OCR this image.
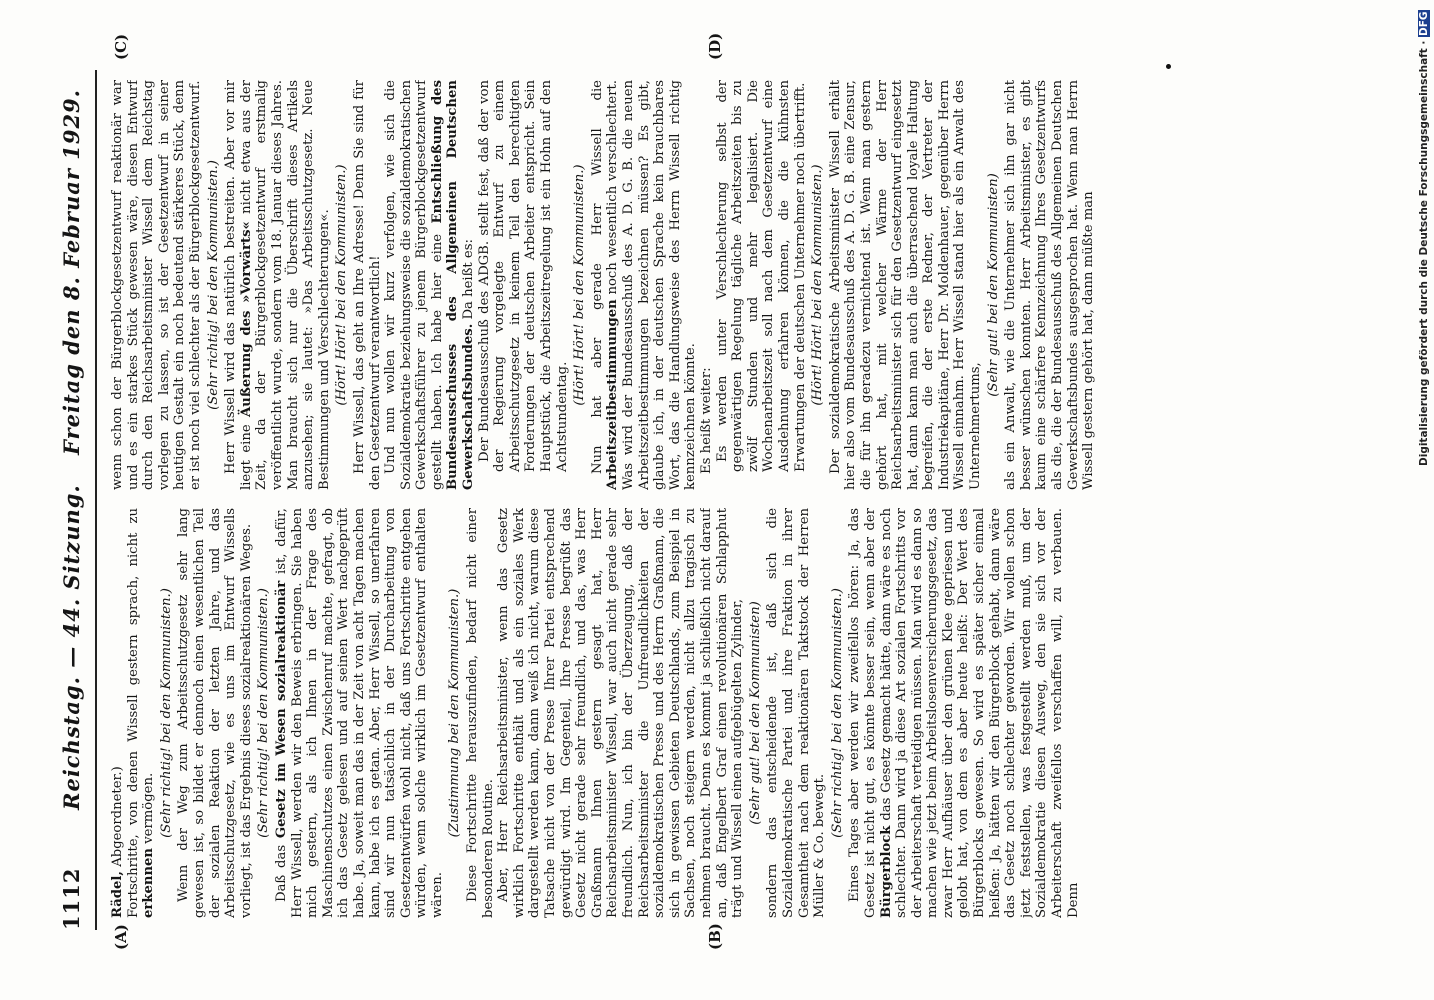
1112
Reichstag. — 44. Sitzung.
Freitag den 8. Februar 1929.
(A)	(B)
(C)	(D)

Rädel, Abgeordneter.) Fortschritte, von denen Wissell gestern sprach, nicht zu erkennen vermögen. (Sehr richtig! bei den Kommunisten.) Wenn der Weg zum Arbeitsschutzgesetz sehr lang gewesen ist, so bildet er dennoch einen wesentlichen Teil der sozialen Reaktion der letzten Jahre, und das Arbeitsschutzgesetz, wie es uns im Entwurf Wissells vorliegt, ist das Ergebnis dieses sozialreaktionären Weges. (Sehr richtig! bei den Kommunisten.)

Daß das Gesetz im Wesen sozialreaktionär ist, dafür, Herr Wissell, werden wir den Beweis erbringen. Sie haben mich gestern, als ich Ihnen in der Frage des Maschinenschutzes einen Zwischenruf machte, gefragt, ob ich das Gesetz gelesen und auf seinen Wert nachgeprüft habe. Ja, soweit man das in der Zeit von acht Tagen machen kann, habe ich es getan. Aber, Herr Wissell, so unerfahren sind wir nun tatsächlich in der Durcharbeitung von Gesetzentwürfen wohl nicht, daß uns Fortschritte entgehen würden, wenn solche wirklich im Gesetzentwurf enthalten wären.

(Zustimmung bei den Kommunisten.) Diese Fortschritte herauszufinden, bedarf nicht einer besonderen Routine. Aber, Herr Reichsarbeitsminister, wenn das Gesetz wirklich Fortschritte enthält und als ein soziales Werk dargestellt werden kann, dann weiß ich nicht, warum diese Tatsache nicht von der Presse Ihrer Partei entsprechend gewürdigt wird. Im Gegenteil, Ihre Presse begrüßt das Gesetz nicht gerade sehr freundlich, und das, was Herr Graßmann Ihnen gestern gesagt hat, Herr Reichsarbeitsminister Wissell, war auch nicht gerade sehr freundlich. Nun, ich bin der Überzeugung, daß der Reichsarbeitsminister die Unfreundlichkeiten der sozialdemokratischen Presse und des Herrn Graßmann, die sich in gewissen Gebieten Deutschlands, zum Beispiel in Sachsen, noch steigern werden, nicht allzu tragisch zu nehmen braucht. Denn es kommt ja schließlich nicht darauf an, daß Engelbert Graf einen revolutionären Schlapphut trägt und Wissell einen aufgebügelten Zylinder, (Sehr gut! bei den Kommunisten) sondern das entscheidende ist, daß sich die Sozialdemokratische Partei und ihre Fraktion in ihrer Gesamtheit nach dem reaktionären Taktstock der Herren Müller & Co. bewegt.

(Sehr richtig! bei den Kommunisten.) Eines Tages aber werden wir zweifellos hören: Ja, das Gesetz ist nicht gut, es könnte besser sein, wenn aber der Bürgerblock das Gesetz gemacht hätte, dann wäre es noch schlechter. Dann wird ja diese Art sozialen Fortschritts vor der Arbeiterschaft verteidigen müssen. Man wird es dann so machen wie jetzt beim Arbeitslosenversicherungsgesetz, das zwar Herr Aufhäuser über den grünen Klee gepriesen und gelobt hat, von dem es aber heute heißt: Der Wert des Bürgerblocks gewesen. So wird es später sicher einmal heißen: Ja, hätten wir den Bürgerblock gehabt, dann wäre das Gesetz noch schlechter geworden. Wir wollen schon jetzt feststellen, was festgestellt werden muß, um der Sozialdemokratie diesen Ausweg, den sie sich vor der Arbeiterschaft zweifellos verschaffen will, zu verbauen. Denn

wenn schon der Bürgerblockgesetzentwurf reaktionär war und es ein starkes Stück gewesen wäre, diesen Entwurf durch den Reichsarbeitsminister Wissell dem Reichstag vorlegen zu lassen, so ist der Gesetzentwurf in seiner heutigen Gestalt ein noch bedeutend stärkeres Stück, denn er ist noch viel schlechter als der Bürgerblockgesetzentwurf. (Sehr richtig! bei den Kommunisten.) Herr Wissell wird das natürlich bestreiten. Aber vor mir liegt eine Äußerung des »Vorwärts« nicht etwa aus der Zeit, da der Bürgerblockgesetzentwurf erstmalig veröffentlicht wurde, sondern vom 18. Januar dieses Jahres. Man braucht sich nur die Überschrift dieses Artikels anzusehen; sie lautet: »Das Arbeitsschutzgesetz. Neue Bestimmungen und Verschlechterungen«. (Hört! Hört! bei den Kommunisten.) Herr Wissell, das geht an Ihre Adresse! Denn Sie sind für den Gesetzentwurf verantwortlich! Und nun wollen wir kurz verfolgen, wie sich die Sozialdemokratie beziehungsweise die sozialdemokratischen Gewerkschaftsführer zu jenem Bürgerblockgesetzentwurf gestellt haben. Ich habe hier eine Entschließung des Bundesausschusses des Allgemeinen Deutschen Gewerkschaftsbundes. Da heißt es: Der Bundesausschuß des ADGB. stellt fest, daß der von der Regierung vorgelegte Entwurf zu einem Arbeitsschutzgesetz in keinem Teil den berechtigten Forderungen der deutschen Arbeiter entspricht. Sein Hauptstück, die Arbeitszeitregelung ist ein Hohn auf den Achtstundentag.

(Hört! Hört! bei den Kommunisten.) Nun hat aber gerade Herr Wissell die Arbeitszeitbestimmungen noch wesentlich verschlechtert. Was wird der Bundesausschuß des A. D. G. B. die neuen Arbeitszeitbestimmungen bezeichnen müssen? Es gibt, glaube ich, in der deutschen Sprache kein brauchbares Wort, das die Handlungsweise des Herrn Wissell richtig kennzeichnen könnte. Es heißt weiter: Es werden unter Verschlechterung selbst der gegenwärtigen Regelung tägliche Arbeitszeiten bis zu zwölf Stunden und mehr legalisiert. Die Wochenarbeitszeit soll nach dem Gesetzentwurf eine Ausdehnung erfahren können, die die kühnsten Erwartungen der deutschen Unternehmer noch übertrifft. (Hört! Hört! bei den Kommunisten.) Der sozialdemokratische Arbeitsminister Wissell erhält hier also vom Bundesausschuß des A. D. G. B. eine Zensur, die für ihn geradezu vernichtend ist. Wenn man gestern gehört hat, mit welcher Wärme der Herr Reichsarbeitsminister sich für den Gesetzentwurf eingesetzt hat, dann kann man auch die überraschend loyale Haltung begreifen, die der erste Redner, der Vertreter der Industriekapitäne, Herr Dr. Moldenhauer, gegenüber Herrn Wissell einnahm. Herr Wissell stand hier als ein Anwalt des Unternehmertums,

(Sehr gut! bei den Kommunisten) als ein Anwalt, wie die Unternehmer sich ihn gar nicht besser wünschen konnten. Herr Arbeitsminister, es gibt kaum eine schärfere Kennzeichnung Ihres Gesetzentwurfs als die, die der Bundesausschuß des Allgemeinen Deutschen Gewerkschaftsbundes ausgesprochen hat. Wenn man Herrn Wissell gestern gehört hat, dann müßte man	Digitalisierung gefördert durch die Deutsche Forschungsgemeinschaft · DFG
